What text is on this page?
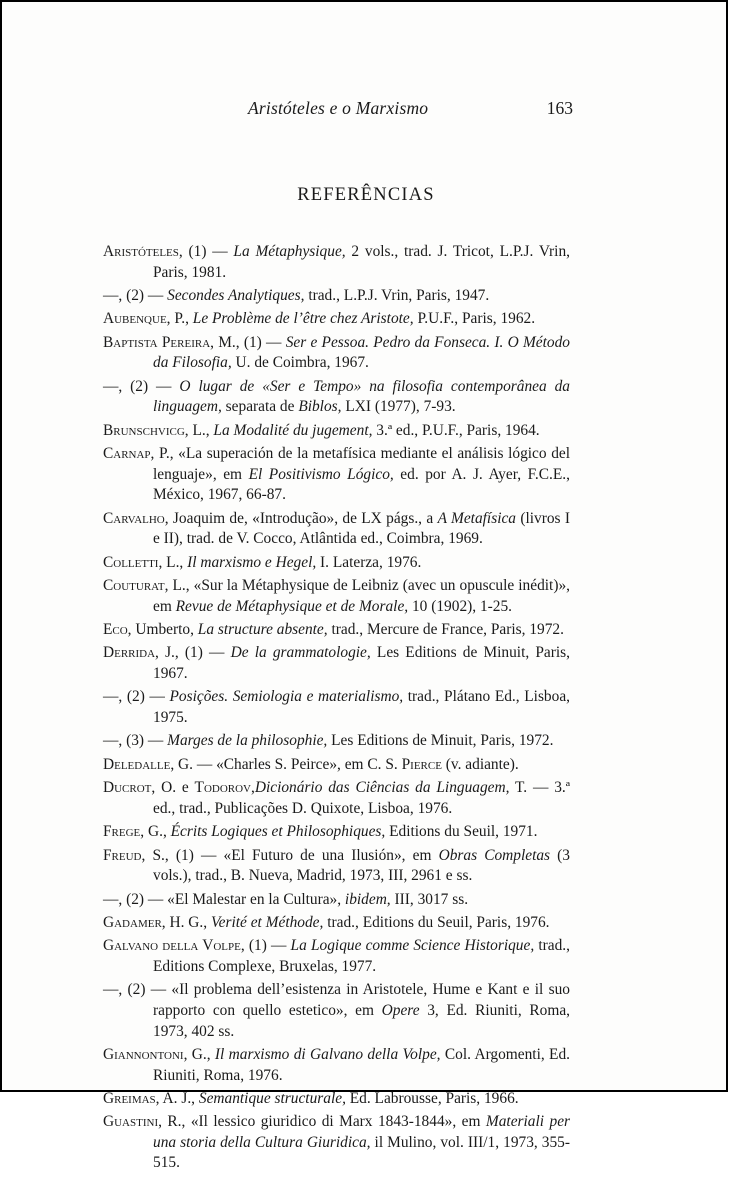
Aristóteles e o Marxismo	163
REFERÊNCIAS
Aristóteles, (1) — La Métaphysique, 2 vols., trad. J. Tricot, L.P.J. Vrin, Paris, 1981.
—, (2) — Secondes Analytiques, trad., L.P.J. Vrin, Paris, 1947.
Aubenque, P., Le Problème de l’être chez Aristote, P.U.F., Paris, 1962.
Baptista Pereira, M., (1) — Ser e Pessoa. Pedro da Fonseca. I. O Método da Filosofia, U. de Coimbra, 1967.
—, (2) — O lugar de «Ser e Tempo» na filosofia contemporânea da linguagem, separata de Biblos, LXI (1977), 7-93.
Brunschvicg, L., La Modalité du jugement, 3.ª ed., P.U.F., Paris, 1964.
Carnap, P., «La superación de la metafísica mediante el análisis lógico del lenguaje», em El Positivismo Lógico, ed. por A. J. Ayer, F.C.E., México, 1967, 66-87.
Carvalho, Joaquim de, «Introdução», de LX págs., a A Metafísica (livros I e II), trad. de V. Cocco, Atlântida ed., Coimbra, 1969.
Colletti, L., Il marxismo e Hegel, I. Laterza, 1976.
Couturat, L., «Sur la Métaphysique de Leibniz (avec un opuscule inédit)», em Revue de Métaphysique et de Morale, 10 (1902), 1-25.
Eco, Umberto, La structure absente, trad., Mercure de France, Paris, 1972.
Derrida, J., (1) — De la grammatologie, Les Editions de Minuit, Paris, 1967.
—, (2) — Posições. Semiologia e materialismo, trad., Plátano Ed., Lisboa, 1975.
—, (3) — Marges de la philosophie, Les Editions de Minuit, Paris, 1972.
Deledalle, G. — «Charles S. Peirce», em C. S. Pierce (v. adiante).
Ducrot, O. e Todorov,Dicionário das Ciências da Linguagem, T. — 3.ª ed., trad., Publicações D. Quixote, Lisboa, 1976.
Frege, G., Écrits Logiques et Philosophiques, Editions du Seuil, 1971.
Freud, S., (1) — «El Futuro de una Ilusión», em Obras Completas (3 vols.), trad., B. Nueva, Madrid, 1973, III, 2961 e ss.
—, (2) — «El Malestar en la Cultura», ibidem, III, 3017 ss.
Gadamer, H. G., Verité et Méthode, trad., Editions du Seuil, Paris, 1976.
Galvano della Volpe, (1) — La Logique comme Science Historique, trad., Editions Complexe, Bruxelas, 1977.
—, (2) — «Il problema dell’esistenza in Aristotele, Hume e Kant e il suo rapporto con quello estetico», em Opere 3, Ed. Riuniti, Roma, 1973, 402 ss.
Giannontoni, G., Il marxismo di Galvano della Volpe, Col. Argomenti, Ed. Riuniti, Roma, 1976.
Greimas, A. J., Semantique structurale, Ed. Labrousse, Paris, 1966.
Guastini, R., «Il lessico giuridico di Marx 1843-1844», em Materiali per una storia della Cultura Giuridica, il Mulino, vol. III/1, 1973, 355-515.
